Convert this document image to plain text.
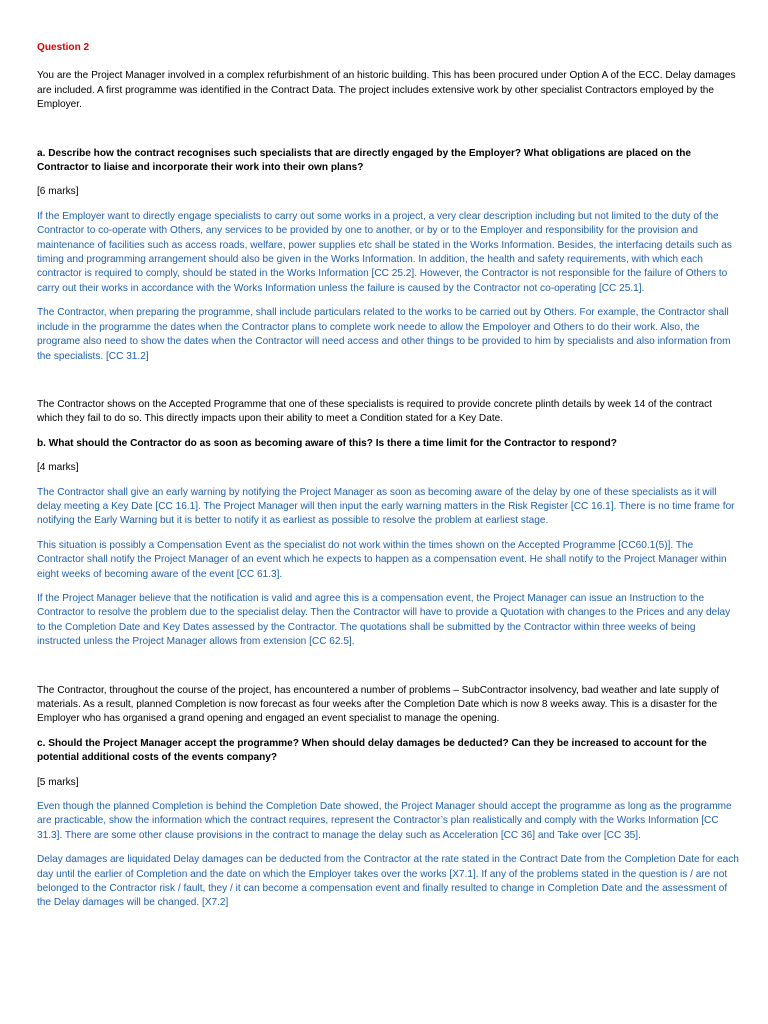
Question 2

You are the Project Manager involved in a complex refurbishment of an historic building. This has been procured under Option A of the ECC. Delay damages are included. A first programme was identified in the Contract Data. The project includes extensive work by other specialist Contractors employed by the Employer.

a. Describe how the contract recognises such specialists that are directly engaged by the Employer? What obligations are placed on the Contractor to liaise and incorporate their work into their own plans?

[6 marks]

If the Employer want to directly engage specialists to carry out some works in a project, a very clear description including but not limited to the duty of the Contractor to co-operate with Others, any services to be provided by one to another, or by or to the Employer and responsibility for the provision and maintenance of facilities such as access roads, welfare, power supplies etc shall be stated in the Works Information. Besides, the interfacing details such as timing and programming arrangement should also be given in the Works Information. In addition, the health and safety requirements, with which each contractor is required to comply, should be stated in the Works Information [CC 25.2]. However, the Contractor is not responsible for the failure of Others to carry out their works in accordance with the Works Information unless the failure is caused by the Contractor not co-operating [CC 25.1].

The Contractor, when preparing the programme, shall include particulars related to the works to be carried out by Others. For example, the Contractor shall include in the programme the dates when the Contractor plans to complete work neede to allow the Empoloyer and Others to do their work. Also, the programe also need to show the dates when the Contractor will need access and other things to be provided to him by specialists and also information from the specialists. [CC 31.2]

The Contractor shows on the Accepted Programme that one of these specialists is required to provide concrete plinth details by week 14 of the contract which they fail to do so. This directly impacts upon their ability to meet a Condition stated for a Key Date.

b. What should the Contractor do as soon as becoming aware of this? Is there a time limit for the Contractor to respond?

[4 marks]

The Contractor shall give an early warning by notifying the Project Manager as soon as becoming aware of the delay by one of these specialists as it will delay meeting a Key Date [CC 16.1]. The Project Manager will then input the early warning matters in the Risk Register [CC 16.1]. There is no time frame for notifying the Early Warning but it is better to notify it as earliest as possible to resolve the problem at earliest stage.

This situation is possibly a Compensation Event as the specialist do not work within the times shown on the Accepted Programme [CC60.1(5)]. The Contractor shall notify the Project Manager of an event which he expects to happen as a compensation event. He shall notify to the Project Manager within eight weeks of becoming aware of the event [CC 61.3].

If the Project Manager believe that the notification is valid and agree this is a compensation event, the Project Manager can issue an Instruction to the Contractor to resolve the problem due to the specialist delay. Then the Contractor will have to provide a Quotation with changes to the Prices and any delay to the Completion Date and Key Dates assessed by the Contractor. The quotations shall be submitted by the Contractor within three weeks of being instructed unless the Project Manager allows from extension [CC 62.5].

The Contractor, throughout the course of the project, has encountered a number of problems – SubContractor insolvency, bad weather and late supply of materials. As a result, planned Completion is now forecast as four weeks after the Completion Date which is now 8 weeks away. This is a disaster for the Employer who has organised a grand opening and engaged an event specialist to manage the opening.

c. Should the Project Manager accept the programme? When should delay damages be deducted? Can they be increased to account for the potential additional costs of the events company?

[5 marks]

Even though the planned Completion is behind the Completion Date showed, the Project Manager should accept the programme as long as the programme are practicable, show the information which the contract requires, represent the Contractor’s plan realistically and comply with the Works Information [CC 31.3]. There are some other clause provisions in the contract to manage the delay such as Acceleration [CC 36] and Take over [CC 35].

Delay damages are liquidated Delay damages can be deducted from the Contractor at the rate stated in the Contract Date from the Completion Date for each day until the earlier of Completion and the date on which the Employer takes over the works [X7.1]. If any of the problems stated in the question is / are not belonged to the Contractor risk / fault, they / it can become a compensation event and finally resulted to change in Completion Date and the assessment of the Delay damages will be changed. [X7.2]
